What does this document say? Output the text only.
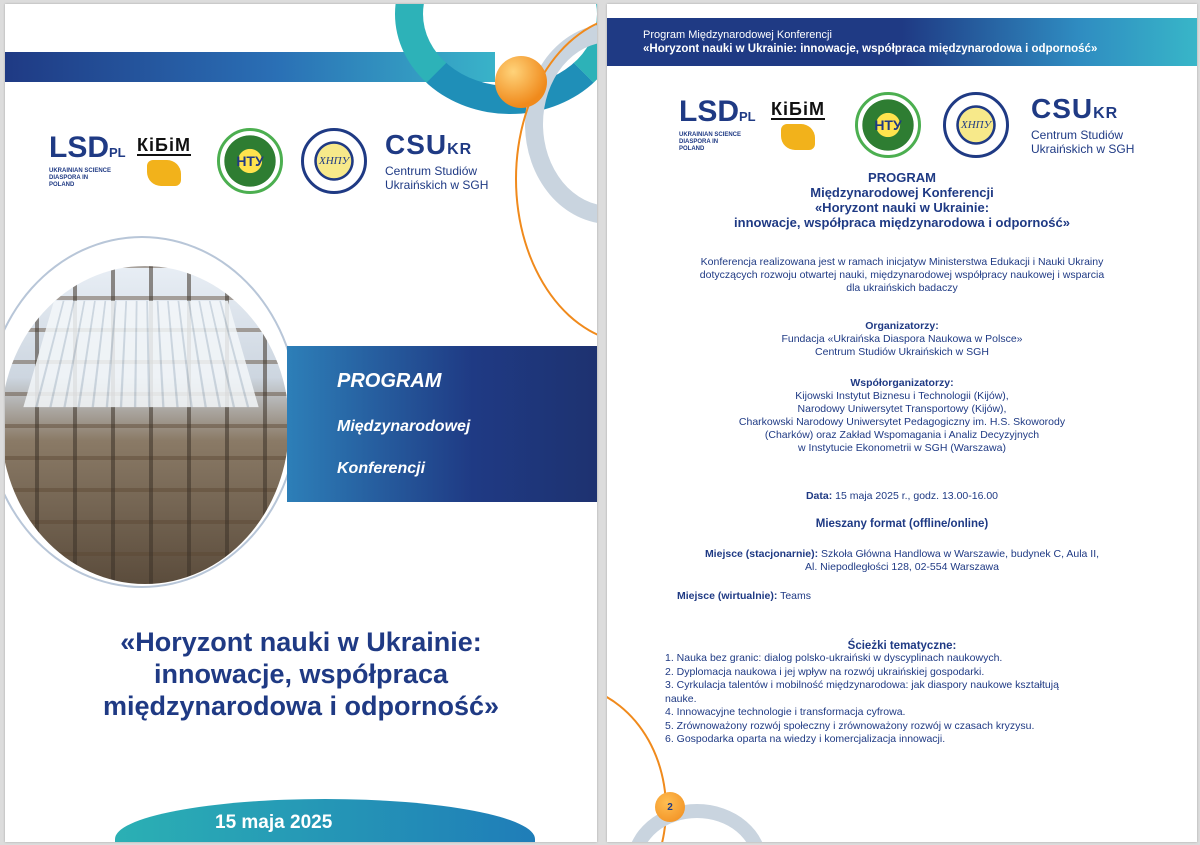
LSDPL
UKRAINIAN SCIENCE
DIASPORA IN POLAND
КіБіМ
НТУ	ХНПУ
CSUKR
Centrum Studiów
Ukraińskich w SGH
PROGRAM
Międzynarodowej
Konferencji
«Horyzont nauki w Ukrainie:
innowacje, współpraca
międzynarodowa i odporność»
15 maja 2025
Program Międzynarodowej Konferencji
«Horyzont nauki w Ukrainie: innowacje, współpraca międzynarodowa i odporność»
LSDPL
UKRAINIAN SCIENCE
DIASPORA IN POLAND
КіБіМ
НТУ	ХНПУ
CSUKR
Centrum Studiów
Ukraińskich w SGH
PROGRAM
Międzynarodowej Konferencji
«Horyzont nauki w Ukrainie:
innowacje, współpraca międzynarodowa i odporność»
Konferencja realizowana jest w ramach inicjatyw Ministerstwa Edukacji i Nauki Ukrainy
dotyczących rozwoju otwartej nauki, międzynarodowej współpracy naukowej i wsparcia
dla ukraińskich badaczy
Organizatorzy:
Fundacja «Ukraińska Diaspora Naukowa w Polsce»
Centrum Studiów Ukraińskich w SGH
Współorganizatorzy:
Kijowski Instytut Biznesu i Technologii (Kijów),
Narodowy Uniwersytet Transportowy (Kijów),
Charkowski Narodowy Uniwersytet Pedagogiczny im. H.S. Skoworody
(Charków) oraz Zakład Wspomagania i Analiz Decyzyjnych
w Instytucie Ekonometrii w SGH (Warszawa)
Data: 15 maja 2025 r., godz. 13.00-16.00
Mieszany format (offline/online)
Miejsce (stacjonarnie): Szkoła Główna Handlowa w Warszawie, budynek C, Aula II,
Al. Niepodległości 128, 02-554 Warszawa
Miejsce (wirtualnie): Teams
Ścieżki tematyczne:
1. Nauka bez granic: dialog polsko-ukraiński w dyscyplinach naukowych.
2. Dyplomacja naukowa i jej wpływ na rozwój ukraińskiej gospodarki.
3. Cyrkulacja talentów i mobilność międzynarodowa: jak diaspory naukowe kształtują
nauke.
4. Innowacyjne technologie i transformacja cyfrowa.
5. Zrównoważony rozwój społeczny i zrównoważony rozwój w czasach kryzysu.
6. Gospodarka oparta na wiedzy i komercjalizacja innowacji.
2
